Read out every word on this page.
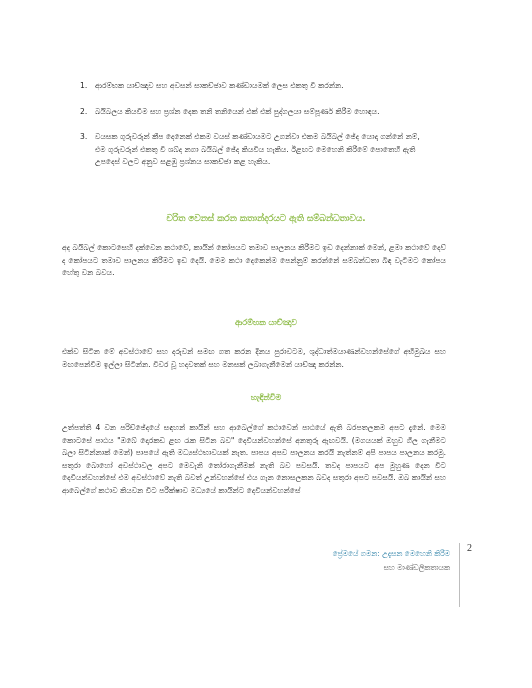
1.	ආරම්භක යාච්ඤාව සහ අවසන් සාකච්ඡාව කණ්ඩායමක් ලෙස එකතු වී කරන්න.
2.	බයිබලය කියවීම සහ ප්‍රශ්න දෙක තනි තනියෙන් එක් එක් පුද්ගලයා සම්පූර්ණ කිරීම හොඳය.
3.	වයසක ගුරුවරුන් කීප දෙනෙක් එකම වයස් කණ්ඩායමට උගන්වා එකම බයිබල් ඡේද යොදා ගන්නේ නම්, එම ගුරුවරුන් එකතු වී ශබ්ද නගා බයිබල් ඡේද කියවිය හැකිය. ඊළඟට මෙහෙනි කිරීමේ පොතෙහි ඇති උපදෙස් වලට අනුව සළඹු ප්‍රශ්නය සාකච්ඡා කළ හැකිය.
චරිත වෙනස් කරන කතාන්දරයට ඇති සම්බන්ධතාවය.

අද බයිබල් කොටසෙහි දක්වෙන කථාවේ, කායින් කෝපයට තමාව පාලනය කිරීමට ඉඩ දෙන්නාක් මෙන්, ළමා කථාවේ දෙව් ද කෝපයට තමාව පාලනය කිරීමට ඉඩ දෙයි. මෙම කථා දෙකෙන්ම පෙන්නුම් කරන්නේ සම්බන්ධතා බිඳ වැටීමට කෝපය හේතු වන බවය.

ආරම්භක යාච්ඤාව

එක්ව සිටින මේ අවස්ථාවේ සහ දරුවන් සමඟ ගත කරන දිනය පුරාවටම, ශුද්ධාත්මයාණන්වහන්සේගේ අභිමුඛය සහ මඟපෙන්වීම ඉල්ලා සිටින්න. විවර වූ හදවතක් සහ මනසක් ලබාගැනීමෙන් යාච්ඤා කරන්න.

හැඳින්වීම

උත්පත්ති 4 වන පරිච්ඡේදයේ සඳහන් කායින් සහ ආබෙල්ගේ කථාවෙන් පාඨයේ ඇති බරපතලකම අපට දැනේ. මෙම කොටසේ පාඨය "ඔබේ දොරකඩ ළඟ රැක සිටින බව" දෙවියන්වහන්සේ අනතුරු ඇඟවයි. (මගයයක් ඔහුව ගිල ගැනීමට බලා සිටින්නාක් මෙන්) පාපයේ ඇති මධ්‍යස්ථභාවයක් නැත. පාපය අපව පාලනය කරයි නැත්නම් අපි පාපය පාලනය කරමු. සතුරා බොහෝ අවස්ථාවල අපට මෙවැනි තෝරාගැනීමක් නැති බව පවසයි. තවද පාපයට අප මුහුණ දෙන විට දෙවියන්වහන්සේ එම අවස්ථාවේ නැති බවත් උන්වහන්සේ එය ගැන නොසලකන බවද සතුරා අපට පවසයි. ඔබ කායින් සහ ආබෙල්ගේ කථාව කියවන විට පරීක්ෂාව මධ්‍යයේ කායින්ට දෙවියන්වහන්සේ

ප්‍රේමයේ ගමන: උදැසන මෙහෙනි කිරීම
සහ මාණ්ඩලිකතායක
2
